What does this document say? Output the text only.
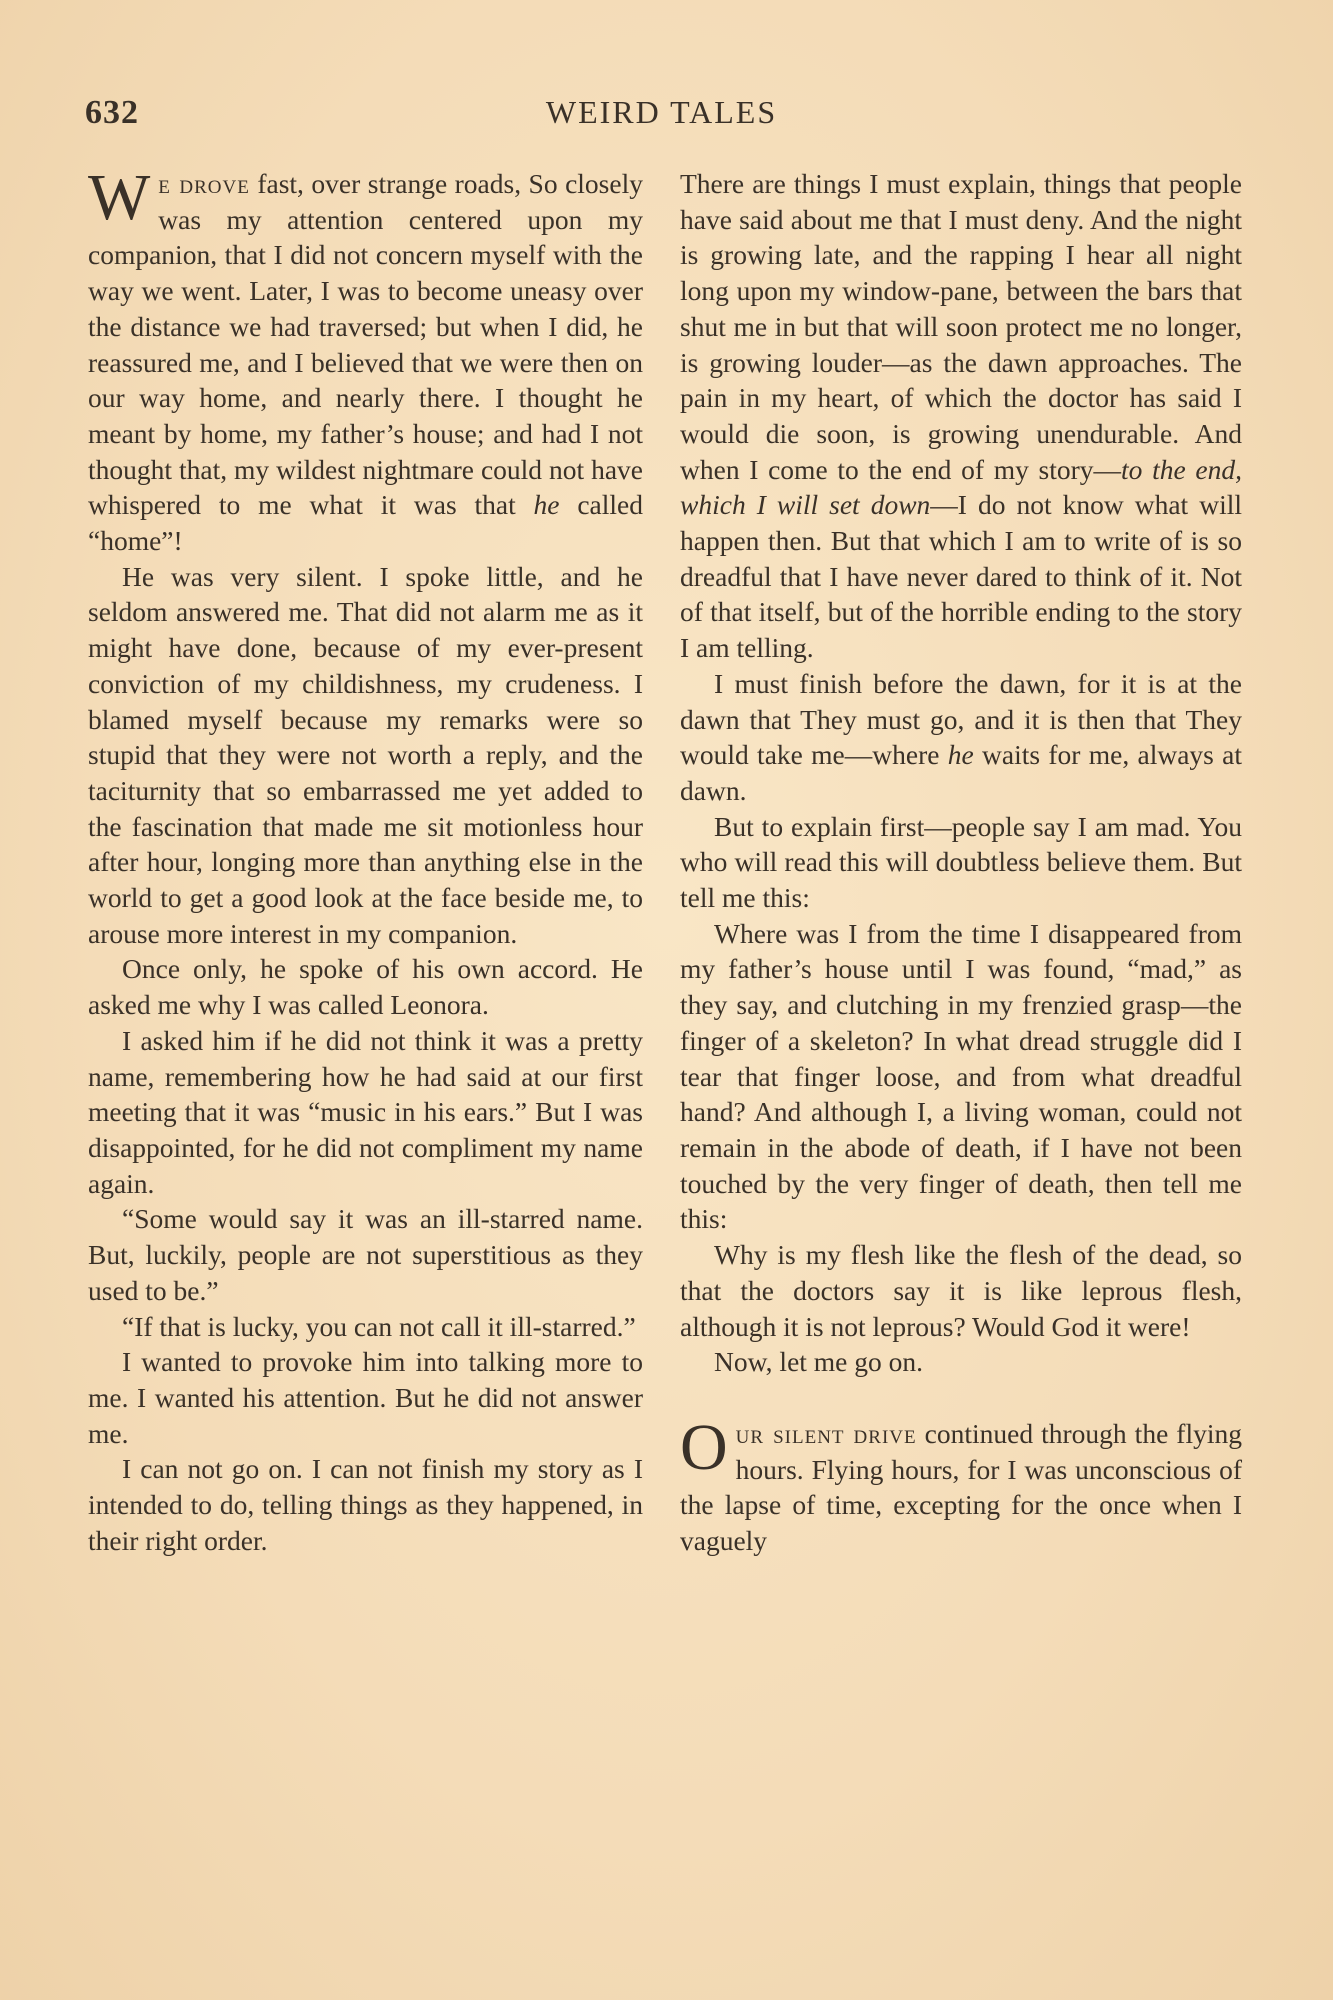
632	WEIRD TALES

We drove fast, over strange roads, So closely was my attention centered upon my companion, that I did not concern myself with the way we went. Later, I was to become uneasy over the distance we had traversed; but when I did, he reassured me, and I believed that we were then on our way home, and nearly there. I thought he meant by home, my father’s house; and had I not thought that, my wildest nightmare could not have whispered to me what it was that he called “home”!

He was very silent. I spoke little, and he seldom answered me. That did not alarm me as it might have done, because of my ever-present conviction of my childishness, my crudeness. I blamed myself because my remarks were so stupid that they were not worth a reply, and the taciturnity that so embarrassed me yet added to the fascination that made me sit motionless hour after hour, longing more than anything else in the world to get a good look at the face beside me, to arouse more interest in my companion.

Once only, he spoke of his own accord. He asked me why I was called Leonora.

I asked him if he did not think it was a pretty name, remembering how he had said at our first meeting that it was “music in his ears.” But I was disappointed, for he did not compliment my name again.

“Some would say it was an ill-starred name. But, luckily, people are not superstitious as they used to be.”

“If that is lucky, you can not call it ill-starred.”

I wanted to provoke him into talking more to me. I wanted his attention. But he did not answer me.

I can not go on. I can not finish my story as I intended to do, telling things as they happened, in their right order.

There are things I must explain, things that people have said about me that I must deny. And the night is growing late, and the rapping I hear all night long upon my window-pane, between the bars that shut me in but that will soon protect me no longer, is growing louder—as the dawn approaches. The pain in my heart, of which the doctor has said I would die soon, is growing unendurable. And when I come to the end of my story—to the end, which I will set down—I do not know what will happen then. But that which I am to write of is so dreadful that I have never dared to think of it. Not of that itself, but of the horrible ending to the story I am telling.

I must finish before the dawn, for it is at the dawn that They must go, and it is then that They would take me—where he waits for me, always at dawn.

But to explain first—people say I am mad. You who will read this will doubtless believe them. But tell me this:

Where was I from the time I disappeared from my father’s house until I was found, “mad,” as they say, and clutching in my frenzied grasp—the finger of a skeleton? In what dread struggle did I tear that finger loose, and from what dreadful hand? And although I, a living woman, could not remain in the abode of death, if I have not been touched by the very finger of death, then tell me this:

Why is my flesh like the flesh of the dead, so that the doctors say it is like leprous flesh, although it is not leprous? Would God it were!

Now, let me go on.

Our silent drive continued through the flying hours. Flying hours, for I was unconscious of the lapse of time, excepting for the once when I vaguely
